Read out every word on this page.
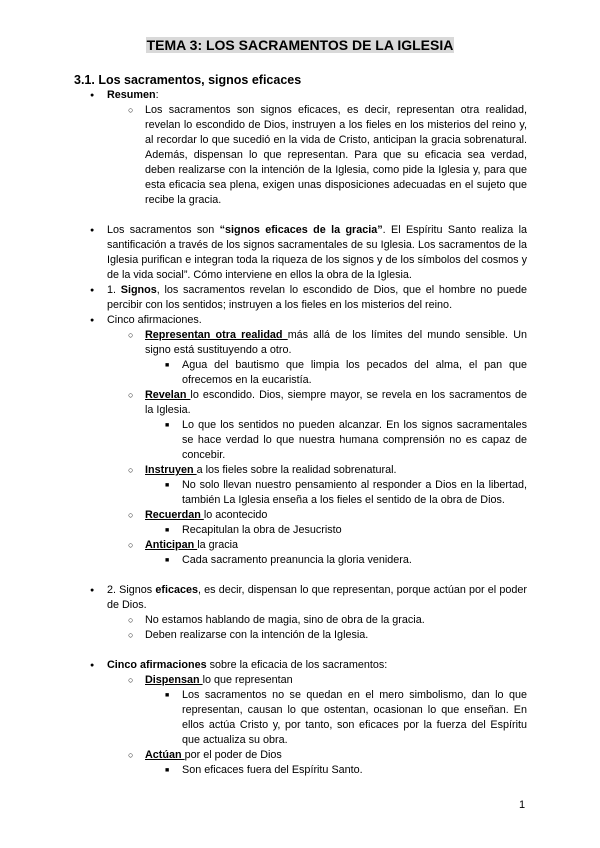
TEMA 3: LOS SACRAMENTOS DE LA IGLESIA
3.1. Los sacramentos, signos eficaces
● Resumen:
○ Los sacramentos son signos eficaces, es decir, representan otra realidad, revelan lo escondido de Dios, instruyen a los fieles en los misterios del reino y, al recordar lo que sucedió en la vida de Cristo, anticipan la gracia sobrenatural. Además, dispensan lo que representan. Para que su eficacia sea verdad, deben realizarse con la intención de la Iglesia, como pide la Iglesia y, para que esta eficacia sea plena, exigen unas disposiciones adecuadas en el sujeto que recibe la gracia.
● Los sacramentos son “signos eficaces de la gracia”. El Espíritu Santo realiza la santificación a través de los signos sacramentales de su Iglesia. Los sacramentos de la Iglesia purifican e integran toda la riqueza de los signos y de los símbolos del cosmos y de la vida social”. Cómo interviene en ellos la obra de la Iglesia.
● 1. Signos, los sacramentos revelan lo escondido de Dios, que el hombre no puede percibir con los sentidos; instruyen a los fieles en los misterios del reino.
● Cinco afirmaciones.
○ Representan otra realidad más allá de los límites del mundo sensible. Un signo está sustituyendo a otro.
■ Agua del bautismo que limpia los pecados del alma, el pan que ofrecemos en la eucaristía.
○ Revelan lo escondido. Dios, siempre mayor, se revela en los sacramentos de la Iglesia.
■ Lo que los sentidos no pueden alcanzar. En los signos sacramentales se hace verdad lo que nuestra humana comprensión no es capaz de concebir.
○ Instruyen a los fieles sobre la realidad sobrenatural.
■ No solo llevan nuestro pensamiento al responder a Dios en la libertad, también La Iglesia enseña a los fieles el sentido de la obra de Dios.
○ Recuerdan lo acontecido
■ Recapitulan la obra de Jesucristo
○ Anticipan la gracia
■ Cada sacramento preanuncia la gloria venidera.
● 2. Signos eficaces, es decir, dispensan lo que representan, porque actúan por el poder de Dios.
○ No estamos hablando de magia, sino de obra de la gracia.
○ Deben realizarse con la intención de la Iglesia.
● Cinco afirmaciones sobre la eficacia de los sacramentos:
○ Dispensan lo que representan
■ Los sacramentos no se quedan en el mero simbolismo, dan lo que representan, causan lo que ostentan, ocasionan lo que enseñan. En ellos actúa Cristo y, por tanto, son eficaces por la fuerza del Espíritu que actualiza su obra.
○ Actúan por el poder de Dios
■ Son eficaces fuera del Espíritu Santo.
1
